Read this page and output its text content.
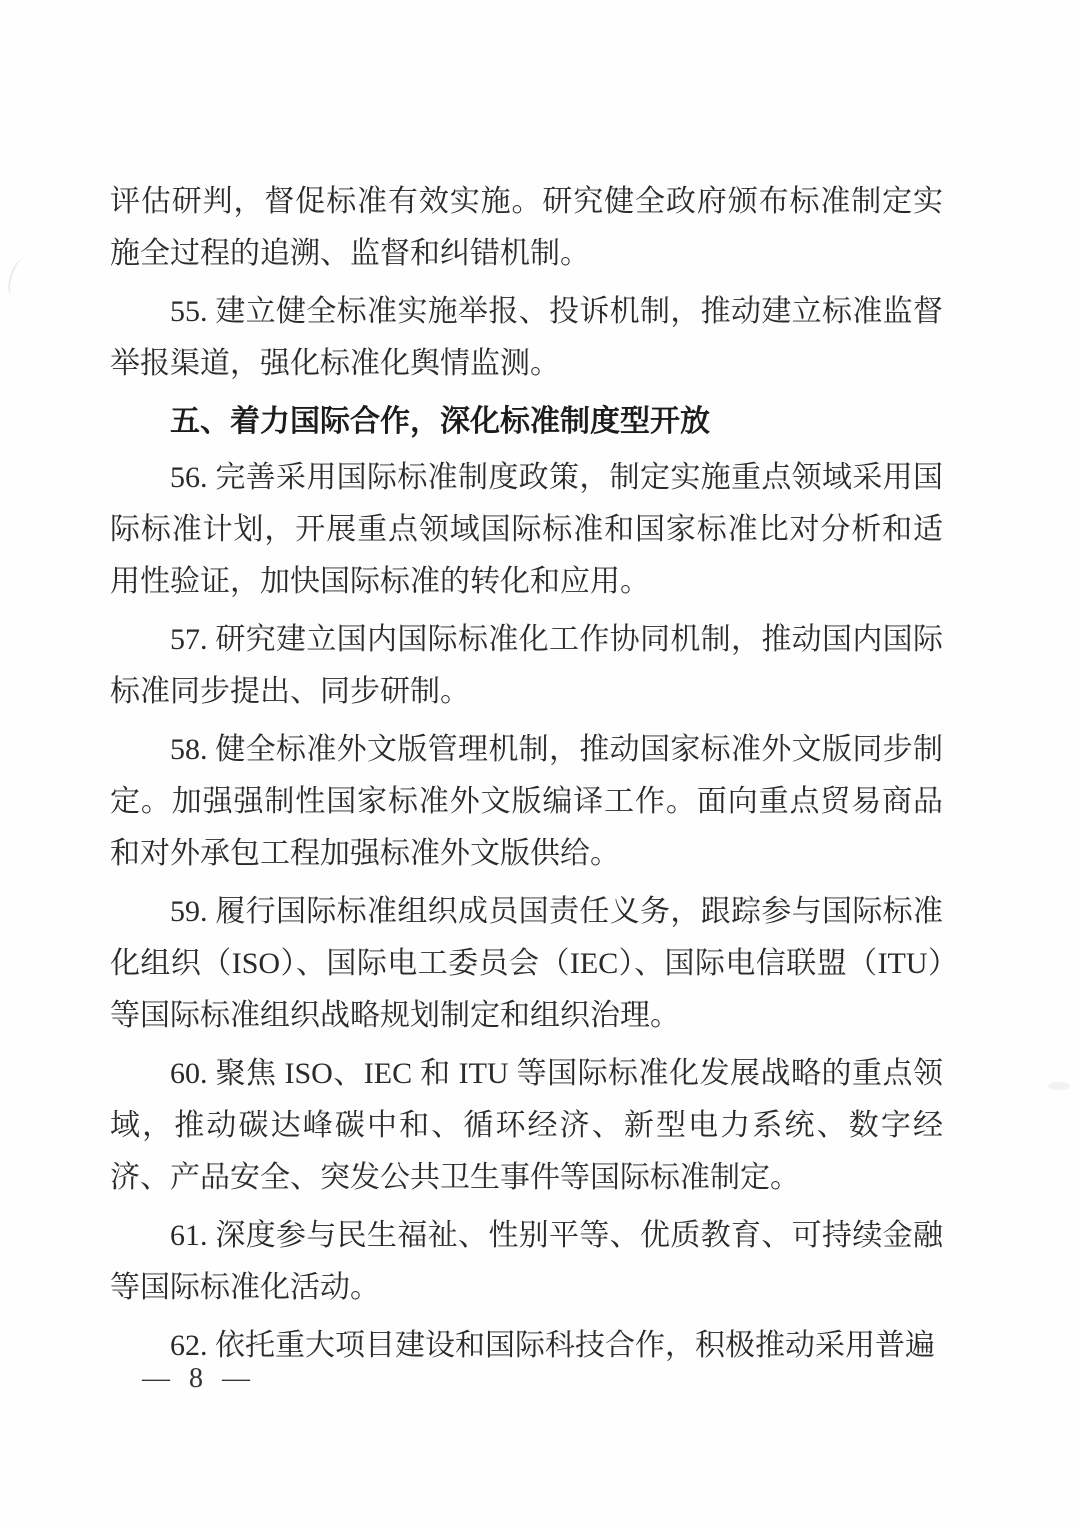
评估研判，督促标准有效实施。研究健全政府颁布标准制定实施全过程的追溯、监督和纠错机制。

55. 建立健全标准实施举报、投诉机制，推动建立标准监督举报渠道，强化标准化舆情监测。

五、着力国际合作，深化标准制度型开放

56. 完善采用国际标准制度政策，制定实施重点领域采用国际标准计划，开展重点领域国际标准和国家标准比对分析和适用性验证，加快国际标准的转化和应用。

57. 研究建立国内国际标准化工作协同机制，推动国内国际标准同步提出、同步研制。

58. 健全标准外文版管理机制，推动国家标准外文版同步制定。加强强制性国家标准外文版编译工作。面向重点贸易商品和对外承包工程加强标准外文版供给。

59. 履行国际标准组织成员国责任义务，跟踪参与国际标准化组织（ISO）、国际电工委员会（IEC）、国际电信联盟（ITU）等国际标准组织战略规划制定和组织治理。

60. 聚焦 ISO、IEC 和 ITU 等国际标准化发展战略的重点领域，推动碳达峰碳中和、循环经济、新型电力系统、数字经济、产品安全、突发公共卫生事件等国际标准制定。

61. 深度参与民生福祉、性别平等、优质教育、可持续金融等国际标准化活动。

62. 依托重大项目建设和国际科技合作，积极推动采用普遍

— 8 —
